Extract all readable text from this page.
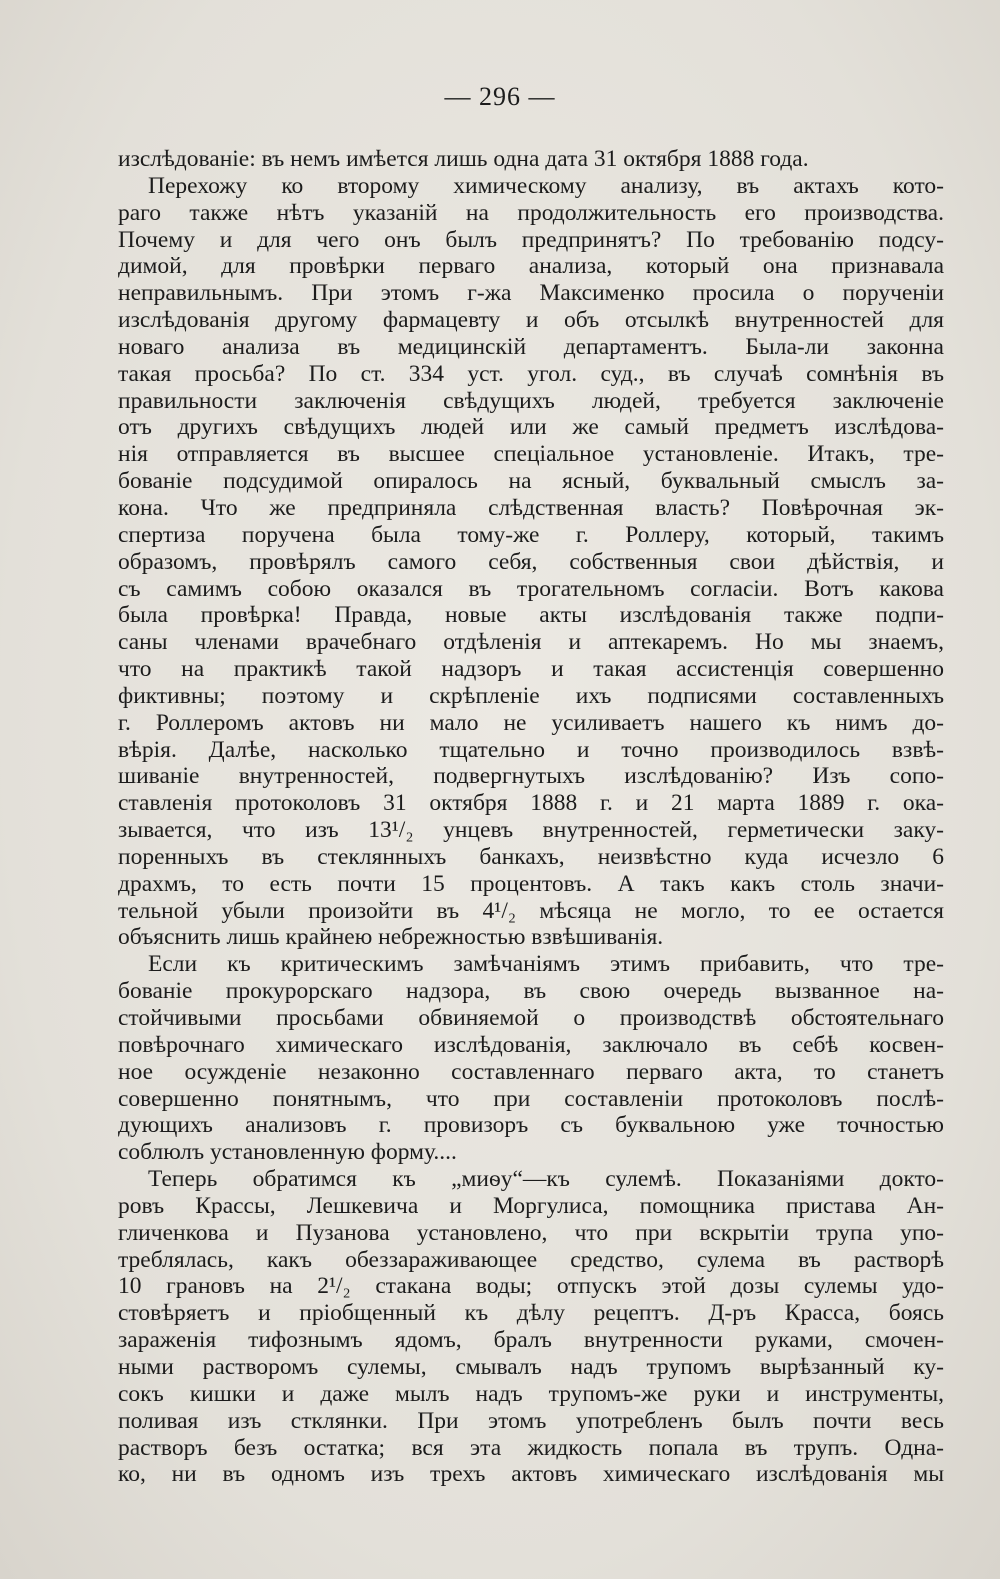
— 296 —
изслѣдованіе: въ немъ имѣется лишь одна дата 31 октября 1888 года.
Перехожу ко второму химическому анализу, въ актахъ кото-
раго также нѣтъ указаній на продолжительность его производства.
Почему и для чего онъ былъ предпринятъ? По требованію подсу-
димой, для провѣрки перваго анализа, который она признавала
неправильнымъ. При этомъ г-жа Максименко просила о порученіи
изслѣдованія другому фармацевту и объ отсылкѣ внутренностей для
новаго анализа въ медицинскій департаментъ. Была-ли законна
такая просьба? По ст. 334 уст. угол. суд., въ случаѣ сомнѣнія въ
правильности заключенія свѣдущихъ людей, требуется заключеніе
отъ другихъ свѣдущихъ людей или же самый предметъ изслѣдова-
нія отправляется въ высшее спеціальное установленіе. Итакъ, тре-
бованіе подсудимой опиралось на ясный, буквальный смыслъ за-
кона. Что же предприняла слѣдственная власть? Повѣрочная эк-
спертиза поручена была тому-же г. Роллеру, который, такимъ
образомъ, провѣрялъ самого себя, собственныя свои дѣйствія, и
съ самимъ собою оказался въ трогательномъ согласіи. Вотъ какова
была провѣрка! Правда, новые акты изслѣдованія также подпи-
саны членами врачебнаго отдѣленія и аптекаремъ. Но мы знаемъ,
что на практикѣ такой надзоръ и такая ассистенція совершенно
фиктивны; поэтому и скрѣпленіе ихъ подписями составленныхъ
г. Роллеромъ актовъ ни мало не усиливаетъ нашего къ нимъ до-
вѣрія. Далѣе, насколько тщательно и точно производилось взвѣ-
шиваніе внутренностей, подвергнутыхъ изслѣдованію? Изъ сопо-
ставленія протоколовъ 31 октября 1888 г. и 21 марта 1889 г. ока-
зывается, что изъ 13¹/₂ унцевъ внутренностей, герметически заку-
поренныхъ въ стеклянныхъ банкахъ, неизвѣстно куда исчезло 6
драхмъ, то есть почти 15 процентовъ. А такъ какъ столь значи-
тельной убыли произойти въ 4¹/₂ мѣсяца не могло, то ее остается
объяснить лишь крайнею небрежностью взвѣшиванія.
Если къ критическимъ замѣчаніямъ этимъ прибавить, что тре-
бованіе прокурорскаго надзора, въ свою очередь вызванное на-
стойчивыми просьбами обвиняемой о производствѣ обстоятельнаго
повѣрочнаго химическаго изслѣдованія, заключало въ себѣ косвен-
ное осужденіе незаконно составленнаго перваго акта, то станетъ
совершенно понятнымъ, что при составленіи протоколовъ послѣ-
дующихъ анализовъ г. провизоръ съ буквальною уже точностью
соблюлъ установленную форму....
Теперь обратимся къ „миѳу“—къ сулемѣ. Показаніями докто-
ровъ Крассы, Лешкевича и Моргулиса, помощника пристава Ан-
гличенкова и Пузанова установлено, что при вскрытіи трупа упо-
треблялась, какъ обеззараживающее средство, сулема въ растворѣ
10 грановъ на 2¹/₂ стакана воды; отпускъ этой дозы сулемы удо-
стовѣряетъ и пріобщенный къ дѣлу рецептъ. Д-ръ Красса, боясь
зараженія тифознымъ ядомъ, бралъ внутренности руками, смочен-
ными растворомъ сулемы, смывалъ надъ трупомъ вырѣзанный ку-
сокъ кишки и даже мылъ надъ трупомъ-же руки и инструменты,
поливая изъ стклянки. При этомъ употребленъ былъ почти весь
растворъ безъ остатка; вся эта жидкость попала въ трупъ. Одна-
ко, ни въ одномъ изъ трехъ актовъ химическаго изслѣдованія мы
